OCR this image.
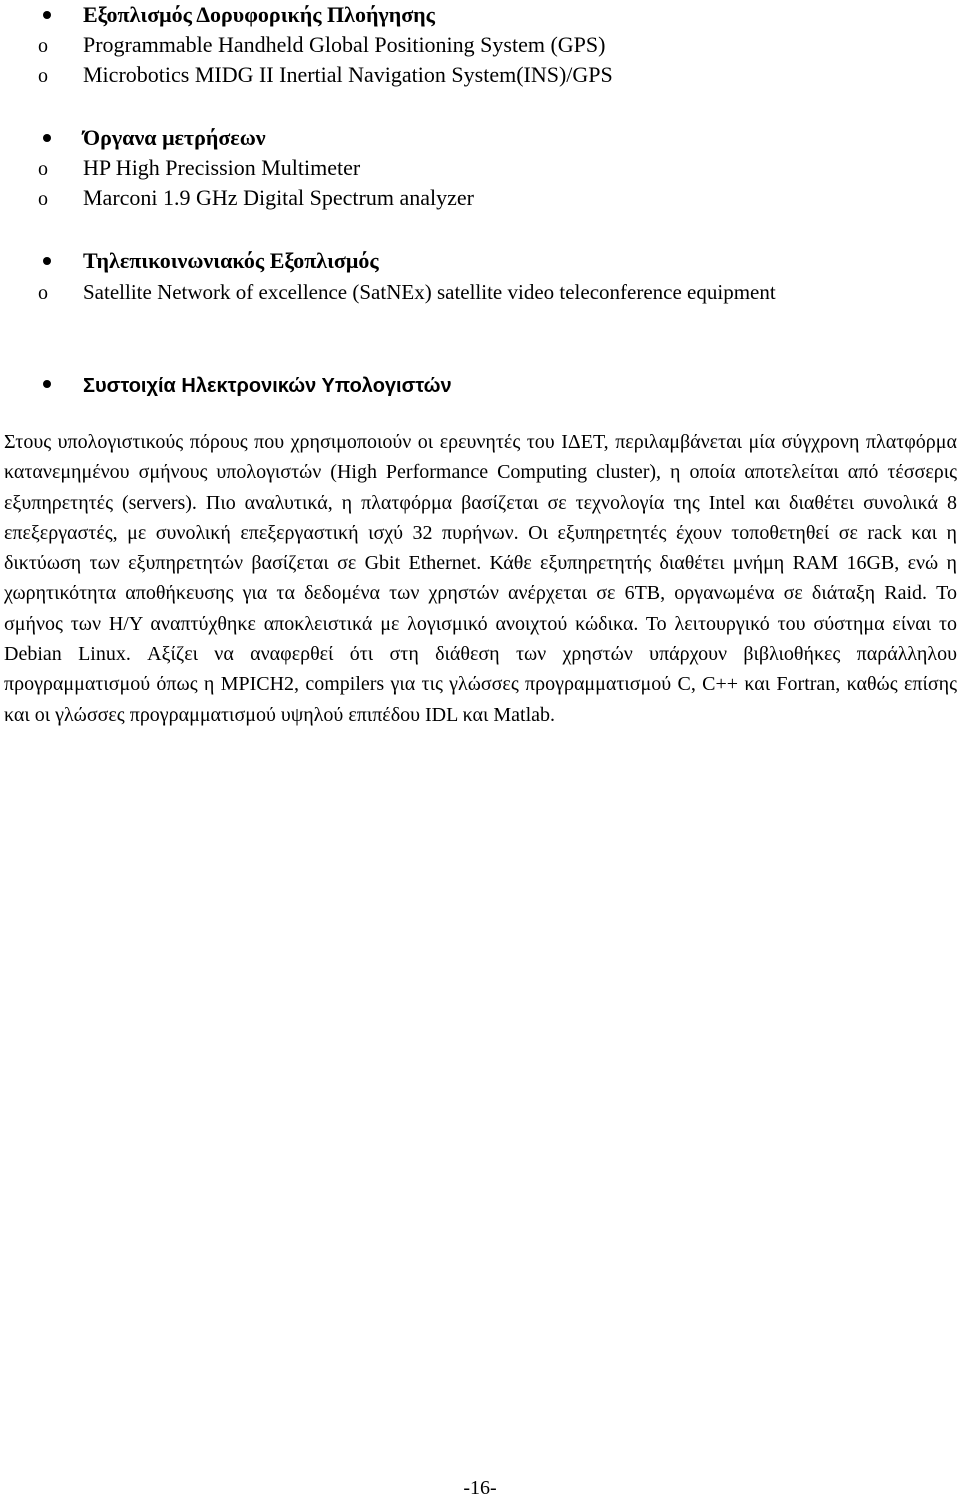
Εξοπλισμός Δορυφορικής Πλοήγησης
o Programmable Handheld Global Positioning System (GPS)
o Microbotics MIDG II Inertial Navigation System(INS)/GPS
Όργανα μετρήσεων
o HP High Precission Multimeter
o Marconi 1.9 GHz Digital Spectrum analyzer
Τηλεπικοινωνιακός Εξοπλισμός
o Satellite Network of excellence (SatNEx) satellite video teleconference equipment
Συστοιχία Ηλεκτρονικών Υπολογιστών
Στους υπολογιστικούς πόρους που χρησιμοποιούν οι ερευνητές του ΙΔΕΤ, περιλαμβάνεται μία σύγχρονη πλατφόρμα κατανεμημένου σμήνους υπολογιστών (High Performance Computing cluster), η οποία αποτελείται από τέσσερις εξυπηρετητές (servers). Πιο αναλυτικά, η πλατφόρμα βασίζεται σε τεχνολογία της Intel και διαθέτει συνολικά 8 επεξεργαστές, με συνολική επεξεργαστική ισχύ 32 πυρήνων. Οι εξυπηρετητές έχουν τοποθετηθεί σε rack και η δικτύωση των εξυπηρετητών βασίζεται σε Gbit Ethernet. Κάθε εξυπηρετητής διαθέτει μνήμη RAM 16GB, ενώ η χωρητικότητα αποθήκευσης για τα δεδομένα των χρηστών ανέρχεται σε 6TB, οργανωμένα σε διάταξη Raid. Το σμήνος των Η/Υ αναπτύχθηκε αποκλειστικά με λογισμικό ανοιχτού κώδικα. Το λειτουργικό του σύστημα είναι το Debian Linux. Αξίζει να αναφερθεί ότι στη διάθεση των χρηστών υπάρχουν βιβλιοθήκες παράλληλου προγραμματισμού όπως η MPICH2, compilers για τις γλώσσες προγραμματισμού C, C++ και Fortran, καθώς επίσης και οι γλώσσες προγραμματισμού υψηλού επιπέδου IDL και Matlab.
-16-
